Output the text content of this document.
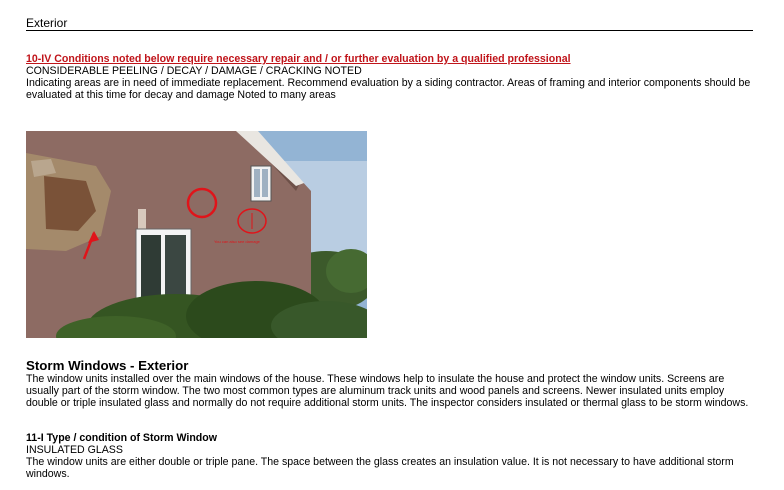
Exterior
10-IV Conditions noted below require necessary repair and / or further evaluation by a qualified professional
CONSIDERABLE PEELING / DECAY / DAMAGE / CRACKING NOTED
Indicating areas are in need of immediate replacement. Recommend evaluation by a siding contractor. Areas of framing and interior components should be evaluated at this time for decay and damage Noted to many areas
You can also see damage
Storm Windows - Exterior
The window units installed over the main windows of the house. These windows help to insulate the house and protect the window units. Screens are usually part of the storm window. The two most common types are aluminum track units and wood panels and screens. Newer insulated units employ double or triple insulated glass and normally do not require additional storm units. The inspector considers insulated or thermal glass to be storm windows.
11-I Type / condition of Storm Window
INSULATED GLASS
The window units are either double or triple pane. The space between the glass creates an insulation value. It is not necessary to have additional storm windows.
